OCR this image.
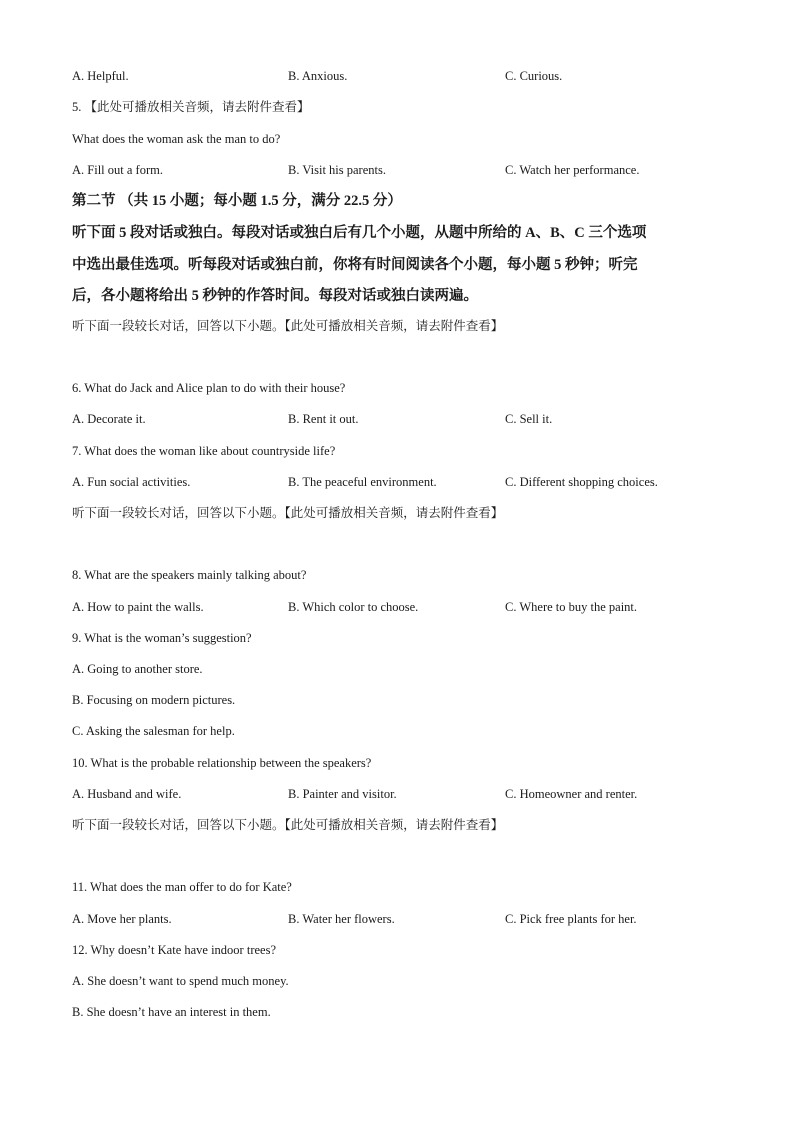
A. Helpful.	B. Anxious.	C. Curious.
5. 【此处可播放相关音频，请去附件查看】
What does the woman ask the man to do?
A. Fill out a form.	B. Visit his parents.	C. Watch her performance.
第二节 （共 15 小题；每小题 1.5 分，满分 22.5 分）
听下面 5 段对话或独白。每段对话或独白后有几个小题，从题中所给的 A、B、C 三个选项
中选出最佳选项。听每段对话或独白前，你将有时间阅读各个小题，每小题 5 秒钟；听完
后，各小题将给出 5 秒钟的作答时间。每段对话或独白读两遍。
听下面一段较长对话，回答以下小题。【此处可播放相关音频，请去附件查看】
6. What do Jack and Alice plan to do with their house?
A. Decorate it.	B. Rent it out.	C. Sell it.
7. What does the woman like about countryside life?
A. Fun social activities.	B. The peaceful environment.	C. Different shopping choices.
听下面一段较长对话，回答以下小题。【此处可播放相关音频，请去附件查看】
8. What are the speakers mainly talking about?
A. How to paint the walls.	B. Which color to choose.	C. Where to buy the paint.
9. What is the woman’s suggestion?
A. Going to another store.
B. Focusing on modern pictures.
C. Asking the salesman for help.
10. What is the probable relationship between the speakers?
A. Husband and wife.	B. Painter and visitor.	C. Homeowner and renter.
听下面一段较长对话，回答以下小题。【此处可播放相关音频，请去附件查看】
11. What does the man offer to do for Kate?
A. Move her plants.	B. Water her flowers.	C. Pick free plants for her.
12. Why doesn’t Kate have indoor trees?
A. She doesn’t want to spend much money.
B. She doesn’t have an interest in them.
